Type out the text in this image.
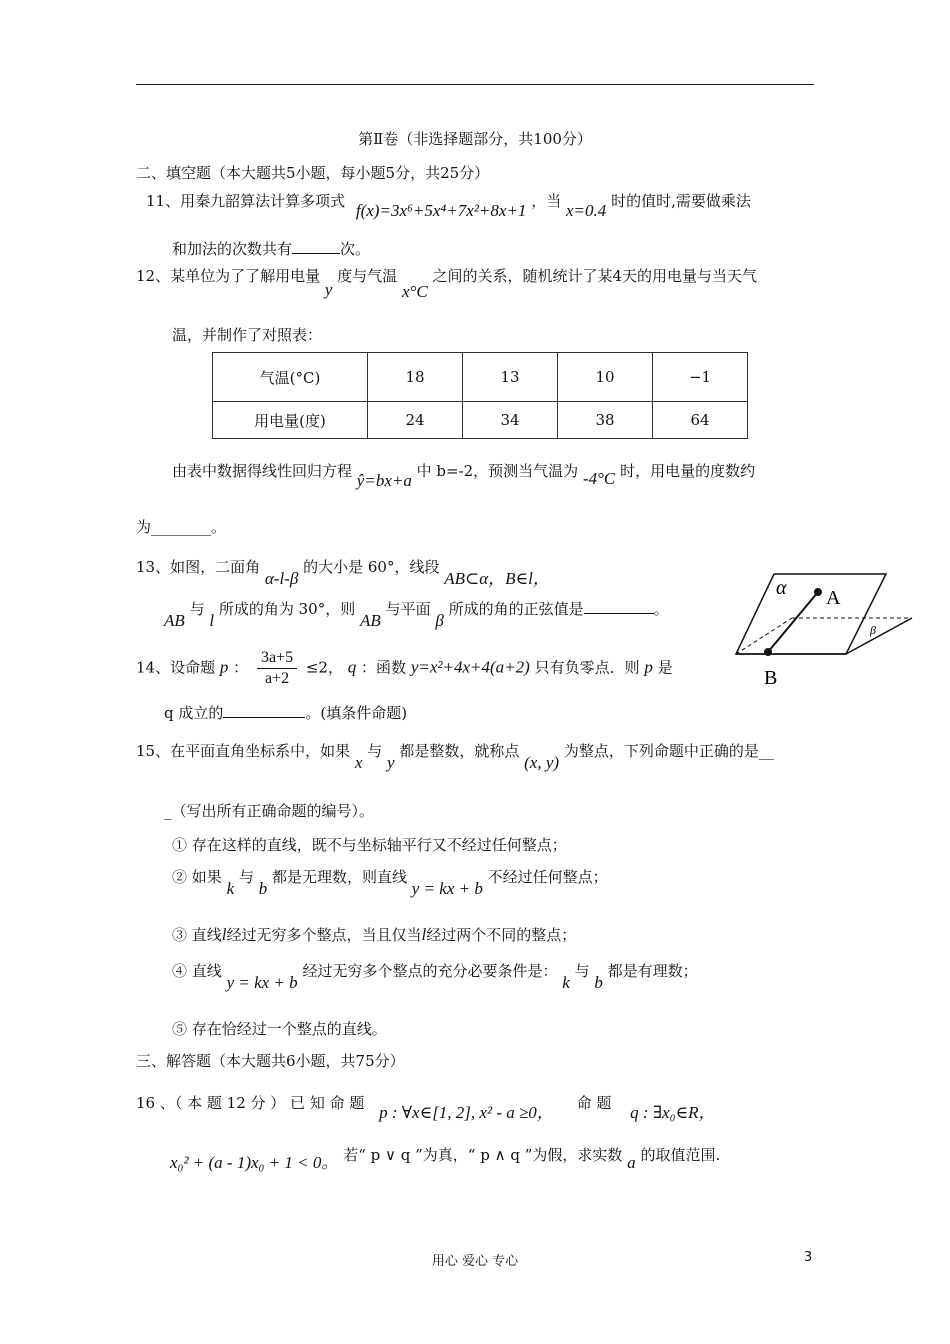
第Ⅱ卷（非选择题部分，共100分）
二、填空题（本大题共5小题，每小题5分，共25分）
11、用秦九韶算法计算多项式 f(x)=3x⁶+5x⁴+7x²+8x+1 ，当 x=0.4 时的值时,需要做乘法
和加法的次数共有	次。
12、某单位为了了解用电量 y 度与气温 x°C 之间的关系，随机统计了某4天的用电量与当天气
温，并制作了对照表：
气温(°C)	18	13	10	−1
用电量(度)	24	34	38	64
由表中数据得线性回归方程 ŷ=bx+a 中 b=-2，预测当气温为 -4°C 时，用电量的度数约
为________。
13、如图，二面角 α-l-β 的大小是 60°，线段 AB⊂α，B∈l，
AB 与 l 所成的角为 30°，则 AB 与平面 β 所成的角的正弦值是	。
α A
β
B
14、设命题 p ： $\frac{3a+5}{a+2} \le 2$， q ：函数 y=x²+4x+4(a+2) 只有负零点．则 p 是
q 成立的	。(填条件命题)
15、在平面直角坐标系中，如果 x 与 y 都是整数，就称点 (x, y) 为整点，下列命题中正确的是__
_（写出所有正确命题的编号）。
① 存在这样的直线，既不与坐标轴平行又不经过任何整点；
② 如果 k 与 b 都是无理数，则直线 y = kx + b 不经过任何整点；
③ 直线l经过无穷多个整点，当且仅当l经过两个不同的整点；
④ 直线 y = kx + b 经过无穷多个整点的充分必要条件是： k 与 b 都是有理数；
⑤ 存在恰经过一个整点的直线。
三、解答题（本大题共6小题，共75分）
16 、（ 本 题 12 分 ） 已 知 命 题 p : ∀x∈[1, 2], x² - a ≥0， 命 题 q : ∃x₀∈R，
x₀² + (a - 1)x₀ + 1 < 0。 若“ p ∨ q ”为真，“ p ∧ q ”为假，求实数 a 的取值范围.
用心 爱心 专心	3
